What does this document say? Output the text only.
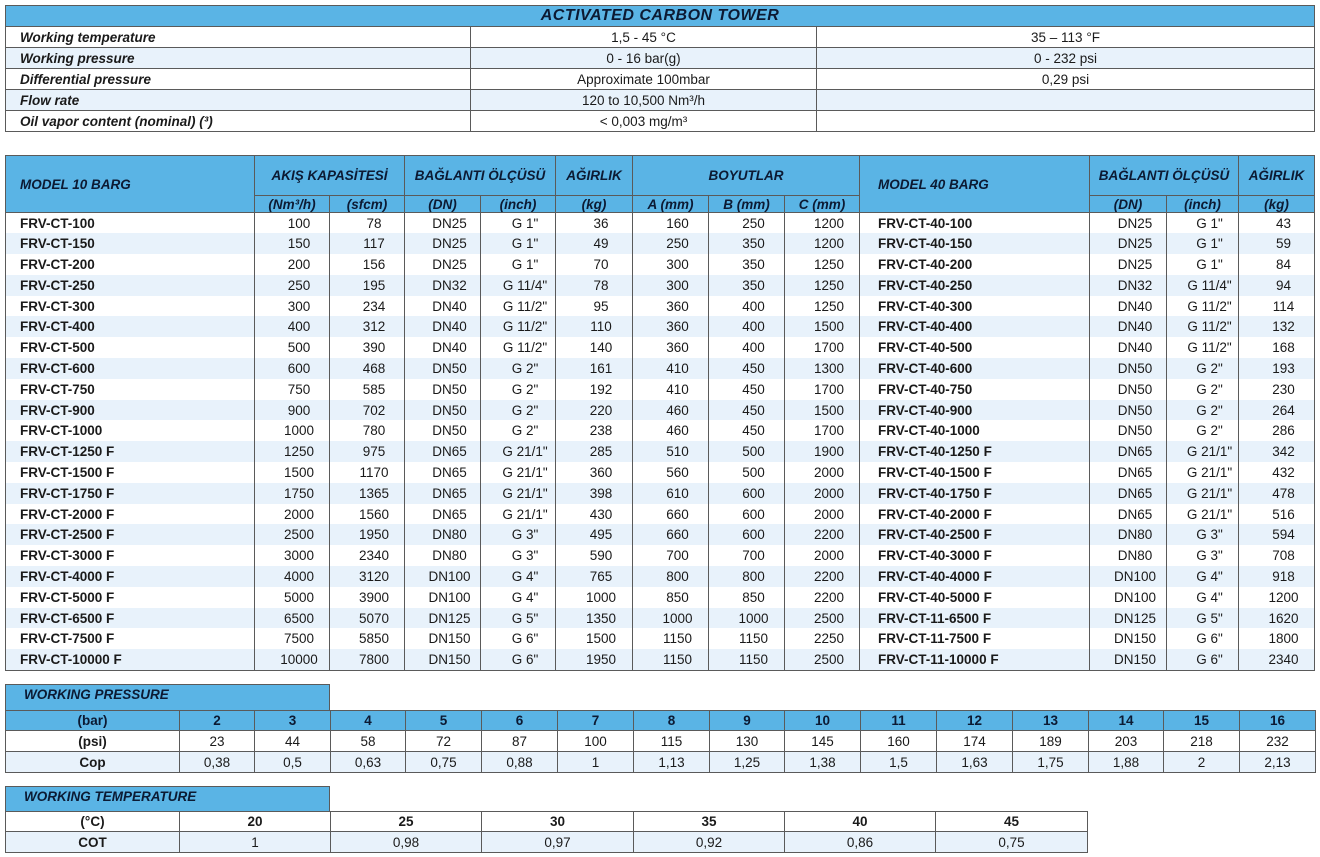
ACTIVATED CARBON TOWER		
Working temperature	1,5 - 45 °C	35 – 113 °F
Working pressure	0 - 16 bar(g)	0 - 232 psi
Differential pressure	Approximate 100mbar	0,29 psi
Flow rate	120 to 10,500 Nm³/h	
Oil vapor content (nominal) (³)	< 0,003 mg/m³	
MODEL 10 BARG	AKIŞ KAPASİTESİ		BAĞLANTI ÖLÇÜSÜ		AĞIRLIK	BOYUTLAR			MODEL 40 BARG	BAĞLANTI ÖLÇÜSÜ		AĞIRLIK
	(Nm³/h)	(sfcm)	(DN)	(inch)	(kg)	A (mm)	B (mm)	C (mm)		(DN)	(inch)	(kg)
FRV-CT-100	100	78	DN25	G 1"	36	160	250	1200	FRV-CT-40-100	DN25	G 1"	43
FRV-CT-150	150	117	DN25	G 1"	49	250	350	1200	FRV-CT-40-150	DN25	G 1"	59
FRV-CT-200	200	156	DN25	G 1"	70	300	350	1250	FRV-CT-40-200	DN25	G 1"	84
FRV-CT-250	250	195	DN32	G 11/4"	78	300	350	1250	FRV-CT-40-250	DN32	G 11/4"	94
FRV-CT-300	300	234	DN40	G 11/2"	95	360	400	1250	FRV-CT-40-300	DN40	G 11/2"	114
FRV-CT-400	400	312	DN40	G 11/2"	110	360	400	1500	FRV-CT-40-400	DN40	G 11/2"	132
FRV-CT-500	500	390	DN40	G 11/2"	140	360	400	1700	FRV-CT-40-500	DN40	G 11/2"	168
FRV-CT-600	600	468	DN50	G 2"	161	410	450	1300	FRV-CT-40-600	DN50	G 2"	193
FRV-CT-750	750	585	DN50	G 2"	192	410	450	1700	FRV-CT-40-750	DN50	G 2"	230
FRV-CT-900	900	702	DN50	G 2"	220	460	450	1500	FRV-CT-40-900	DN50	G 2"	264
FRV-CT-1000	1000	780	DN50	G 2"	238	460	450	1700	FRV-CT-40-1000	DN50	G 2"	286
FRV-CT-1250 F	1250	975	DN65	G 21/1"	285	510	500	1900	FRV-CT-40-1250 F	DN65	G 21/1"	342
FRV-CT-1500 F	1500	1170	DN65	G 21/1"	360	560	500	2000	FRV-CT-40-1500 F	DN65	G 21/1"	432
FRV-CT-1750 F	1750	1365	DN65	G 21/1"	398	610	600	2000	FRV-CT-40-1750 F	DN65	G 21/1"	478
FRV-CT-2000 F	2000	1560	DN65	G 21/1"	430	660	600	2000	FRV-CT-40-2000 F	DN65	G 21/1"	516
FRV-CT-2500 F	2500	1950	DN80	G 3"	495	660	600	2200	FRV-CT-40-2500 F	DN80	G 3"	594
FRV-CT-3000 F	3000	2340	DN80	G 3"	590	700	700	2000	FRV-CT-40-3000 F	DN80	G 3"	708
FRV-CT-4000 F	4000	3120	DN100	G 4"	765	800	800	2200	FRV-CT-40-4000 F	DN100	G 4"	918
FRV-CT-5000 F	5000	3900	DN100	G 4"	1000	850	850	2200	FRV-CT-40-5000 F	DN100	G 4"	1200
FRV-CT-6500 F	6500	5070	DN125	G 5"	1350	1000	1000	2500	FRV-CT-11-6500 F	DN125	G 5"	1620
FRV-CT-7500 F	7500	5850	DN150	G 6"	1500	1150	1150	2250	FRV-CT-11-7500 F	DN150	G 6"	1800
FRV-CT-10000 F	10000	7800	DN150	G 6"	1950	1150	1150	2500	FRV-CT-11-10000 F	DN150	G 6"	2340
WORKING PRESSURE
(bar)	2	3	4	5	6	7	8	9	10	11	12	13	14	15	16
(psi)	23	44	58	72	87	100	115	130	145	160	174	189	203	218	232
Cop	0,38	0,5	0,63	0,75	0,88	1	1,13	1,25	1,38	1,5	1,63	1,75	1,88	2	2,13
WORKING TEMPERATURE
(°C)	20	25	30	35	40	45
COT	1	0,98	0,97	0,92	0,86	0,75
